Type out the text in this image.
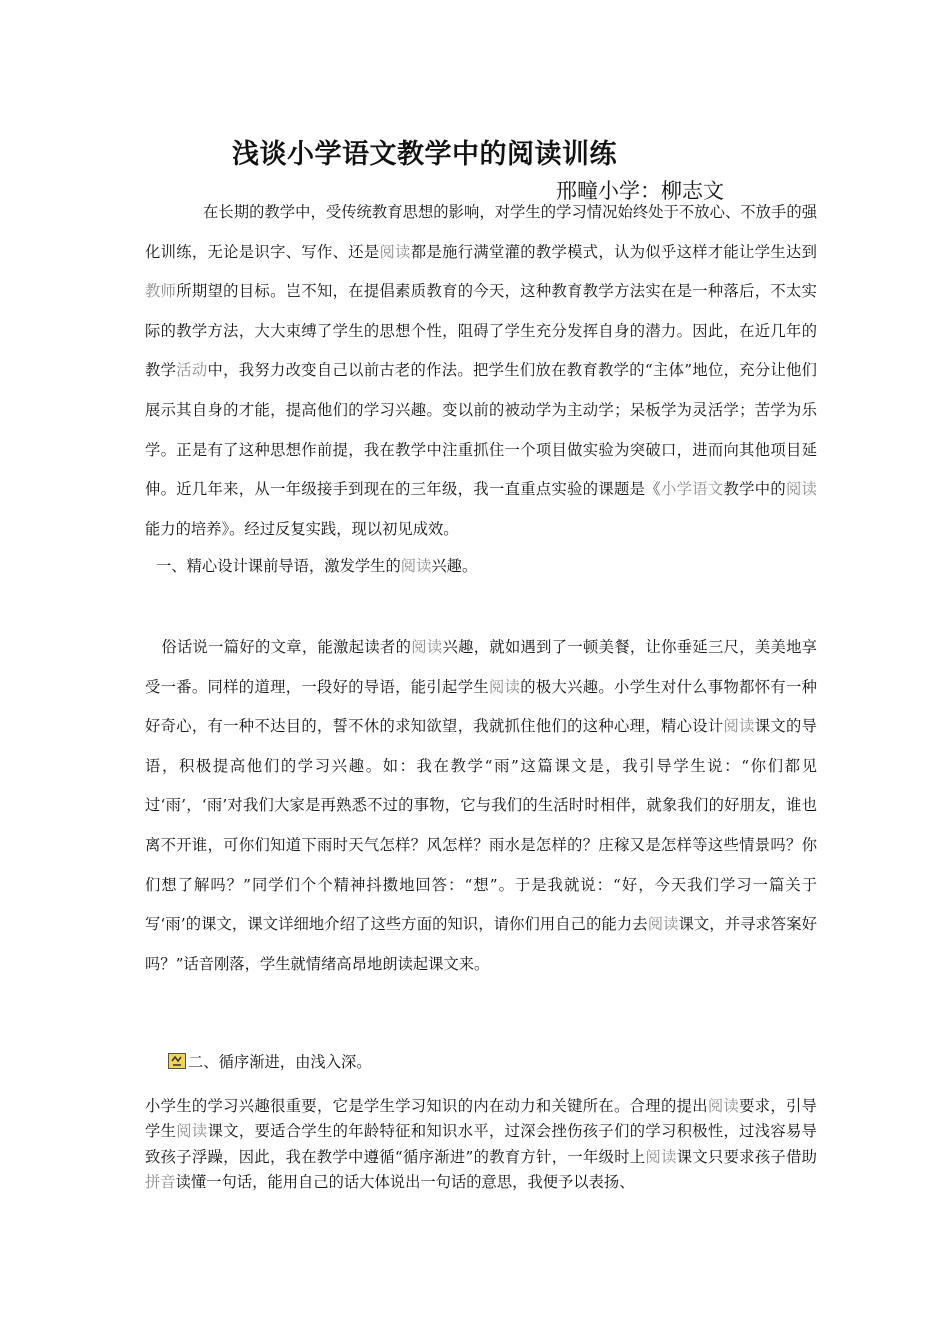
浅谈小学语文教学中的阅读训练
邢疃小学：柳志文
在长期的教学中，受传统教育思想的影响，对学生的学习情况始终处于不放心、不放手的强化训练，无论是识字、写作、还是阅读都是施行满堂灌的教学模式，认为似乎这样才能让学生达到教师所期望的目标。岂不知，在提倡素质教育的今天，这种教育教学方法实在是一种落后，不太实际的教学方法，大大束缚了学生的思想个性，阻碍了学生充分发挥自身的潜力。因此，在近几年的教学活动中，我努力改变自己以前古老的作法。把学生们放在教育教学的“主体”地位，充分让他们展示其自身的才能，提高他们的学习兴趣。变以前的被动学为主动学；呆板学为灵活学；苦学为乐学。正是有了这种思想作前提，我在教学中注重抓住一个项目做实验为突破口，进而向其他项目延伸。近几年来，从一年级接手到现在的三年级，我一直重点实验的课题是《小学语文教学中的阅读能力的培养》。经过反复实践，现以初见成效。
一、精心设计课前导语，激发学生的阅读兴趣。
俗话说一篇好的文章，能激起读者的阅读兴趣，就如遇到了一顿美餐，让你垂延三尺，美美地享受一番。同样的道理，一段好的导语，能引起学生阅读的极大兴趣。小学生对什么事物都怀有一种好奇心，有一种不达目的，誓不休的求知欲望，我就抓住他们的这种心理，精心设计阅读课文的导语，积极提高他们的学习兴趣。如：我在教学“雨”这篇课文是，我引导学生说：“你们都见过‘雨’，‘雨’对我们大家是再熟悉不过的事物，它与我们的生活时时相伴，就象我们的好朋友，谁也离不开谁，可你们知道下雨时天气怎样？风怎样？雨水是怎样的？庄稼又是怎样等这些情景吗？你们想了解吗？”同学们个个精神抖擞地回答：“想”。于是我就说：“好，今天我们学习一篇关于写‘雨’的课文，课文详细地介绍了这些方面的知识，请你们用自己的能力去阅读课文，并寻求答案好吗？”话音刚落，学生就情绪高昂地朗读起课文来。
二、循序渐进，由浅入深。
小学生的学习兴趣很重要，它是学生学习知识的内在动力和关键所在。合理的提出阅读要求，引导学生阅读课文，要适合学生的年龄特征和知识水平，过深会挫伤孩子们的学习积极性，过浅容易导致孩子浮躁，因此，我在教学中遵循“循序渐进”的教育方针，一年级时上阅读课文只要求孩子借助拼音读懂一句话，能用自己的话大体说出一句话的意思，我便予以表扬、
